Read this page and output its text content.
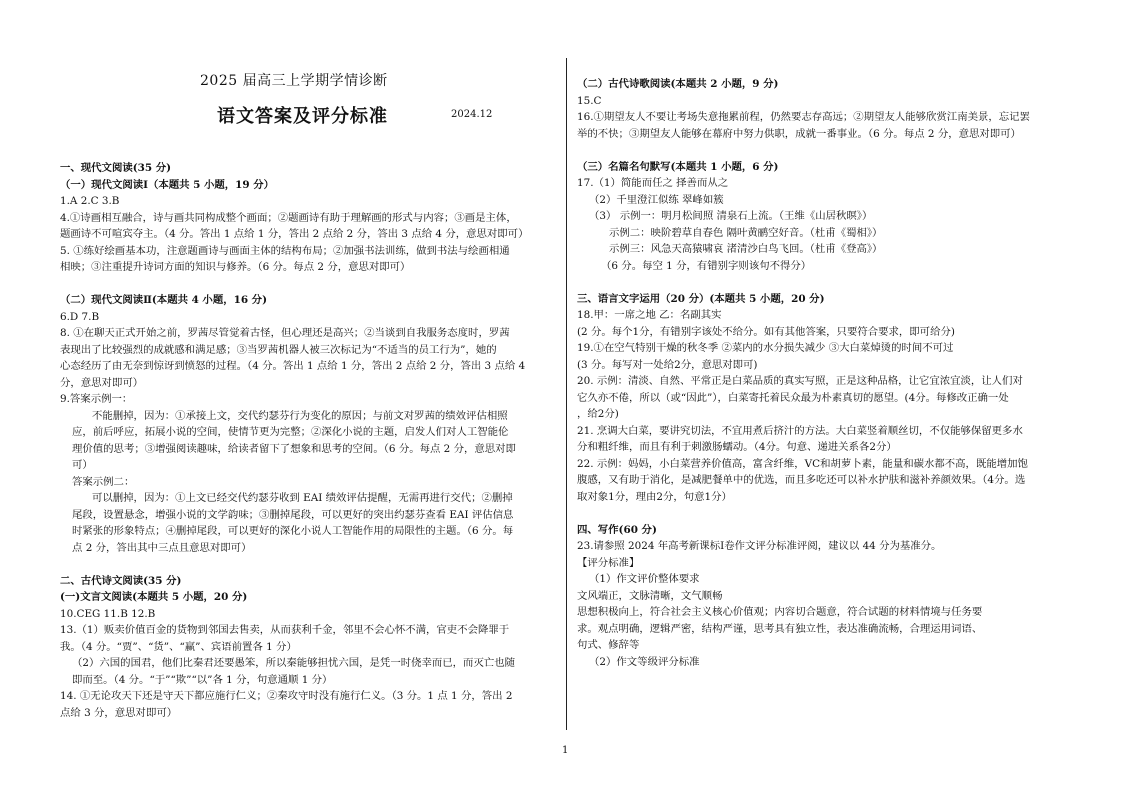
2025 届高三上学期学情诊断
语文答案及评分标准	2024.12

一、现代文阅读(35 分)

（一）现代文阅读Ⅰ（本题共 5 小题，19 分）

1.A 2.C 3.B

4.①诗画相互融合，诗与画共同构成整个画面；②题画诗有助于理解画的形式与内容；③画是主体，

题画诗不可喧宾夺主。（4 分。答出 1 点给 1 分，答出 2 点给 2 分，答出 3 点给 4 分，意思对即可）

5. ①练好绘画基本功，注意题画诗与画面主体的结构布局；②加强书法训练，做到书法与绘画相通

相映；③注重提升诗词方面的知识与修养。（6 分。每点 2 分，意思对即可）

（二）现代文阅读Ⅱ(本题共 4 小题，16 分)

6.D 7.B

8. ①在聊天正式开始之前，罗茜尽管觉着古怪，但心理还是高兴；②当谈到自我服务态度时，罗茜

表现出了比较强烈的成就感和满足感；③当罗茜机器人被三次标记为“不适当的员工行为”，她的

心态经历了由无奈到惊讶到愤怒的过程。（4 分。答出 1 点给 1 分，答出 2 点给 2 分，答出 3 点给 4

分，意思对即可）

9.答案示例一：

不能删掉，因为：①承接上文，交代约瑟芬行为变化的原因；与前文对罗茜的绩效评估相照

应，前后呼应，拓展小说的空间，使情节更为完整；②深化小说的主题，启发人们对人工智能伦

理价值的思考；③增强阅读趣味，给读者留下了想象和思考的空间。（6 分。每点 2 分，意思对即

可）

答案示例二：

可以删掉，因为：①上文已经交代约瑟芬收到 EAI 绩效评估提醒，无需再进行交代；②删掉

尾段，设置悬念，增强小说的文学韵味；③删掉尾段，可以更好的突出约瑟芬查看 EAI 评估信息

时紧张的形象特点；④删掉尾段，可以更好的深化小说人工智能作用的局限性的主题。（6 分。每

点 2 分，答出其中三点且意思对即可）

二、古代诗文阅读(35 分)

(一)文言文阅读(本题共 5 小题，20 分)

10.CEG 11.B 12.B

13.（1）贩卖价值百金的货物到邻国去售卖，从而获利千金，邻里不会心怀不满，官吏不会降罪于

我。（4 分。“贾”、“货”、“赢”、宾语前置各 1 分）

（2）六国的国君，他们比秦君还要愚笨，所以秦能够担忧六国，是凭一时侥幸而已，而灭亡也随

即而至。（4 分。“于”“欺”“以”各 1 分，句意通顺 1 分）

14. ①无论攻天下还是守天下都应施行仁义；②秦攻守时没有施行仁义。（3 分。1 点 1 分，答出 2

点给 3 分，意思对即可）

（二）古代诗歌阅读(本题共 2 小题，9 分)

15.C

16.①期望友人不要让考场失意拖累前程，仍然要志存高远；②期望友人能够欣赏江南美景，忘记罢

举的不快；③期望友人能够在幕府中努力供职，成就一番事业。（6 分。每点 2 分，意思对即可）

（三）名篇名句默写(本题共 1 小题，6 分)

17.（1）简能而任之 择善而从之

（2）千里澄江似练 翠峰如簇

（3） 示例一：明月松间照 清泉石上流。（王维《山居秋暝》）

示例二：映阶碧草自春色 隔叶黄鹂空好音。（杜甫《蜀相》）

示例三：风急天高猿啸哀 渚清沙白鸟飞回。（杜甫《登高》）

（6 分。每空 1 分，有错别字则该句不得分）

三、语言文字运用（20 分）(本题共 5 小题，20 分)

18.甲：一席之地 乙：名副其实

(2 分。每个1分，有错别字该处不给分。如有其他答案，只要符合要求，即可给分)

19.①在空气特别干燥的秋冬季 ②菜内的水分损失减少 ③大白菜焯烫的时间不可过

(3 分。每写对一处给2分，意思对即可)

20. 示例：清淡、自然、平常正是白菜品质的真实写照，正是这种品格，让它宜浓宜淡，让人们对

它久亦不倦，所以（或“因此”），白菜寄托着民众最为朴素真切的愿望。(4分。每修改正确一处

，给2分)

21. 烹调大白菜，要讲究切法，不宜用煮后挤汁的方法。大白菜竖着顺丝切，不仅能够保留更多水

分和粗纤维，而且有利于刺激肠蠕动。（4分。句意、递进关系各2分）

22. 示例：妈妈，小白菜营养价值高，富含纤维，VC和胡萝卜素，能量和碳水都不高，既能增加饱

腹感，又有助于消化，是减肥餐单中的优选，而且多吃还可以补水护肤和滋补养颜效果。（4分。选

取对象1分，理由2分，句意1分）

四、写作(60 分)

23.请参照 2024 年高考新课标Ⅰ卷作文评分标准评阅，建议以 44 分为基准分。

【评分标准】

（1）作文评价整体要求

文风端正，文脉清晰，文气顺畅

思想积极向上，符合社会主义核心价值观；内容切合题意，符合试题的材料情境与任务要

求。观点明确，逻辑严密，结构严谨，思考具有独立性，表达准确流畅，合理运用词语、

句式、修辞等

（2）作文等级评分标准

1
